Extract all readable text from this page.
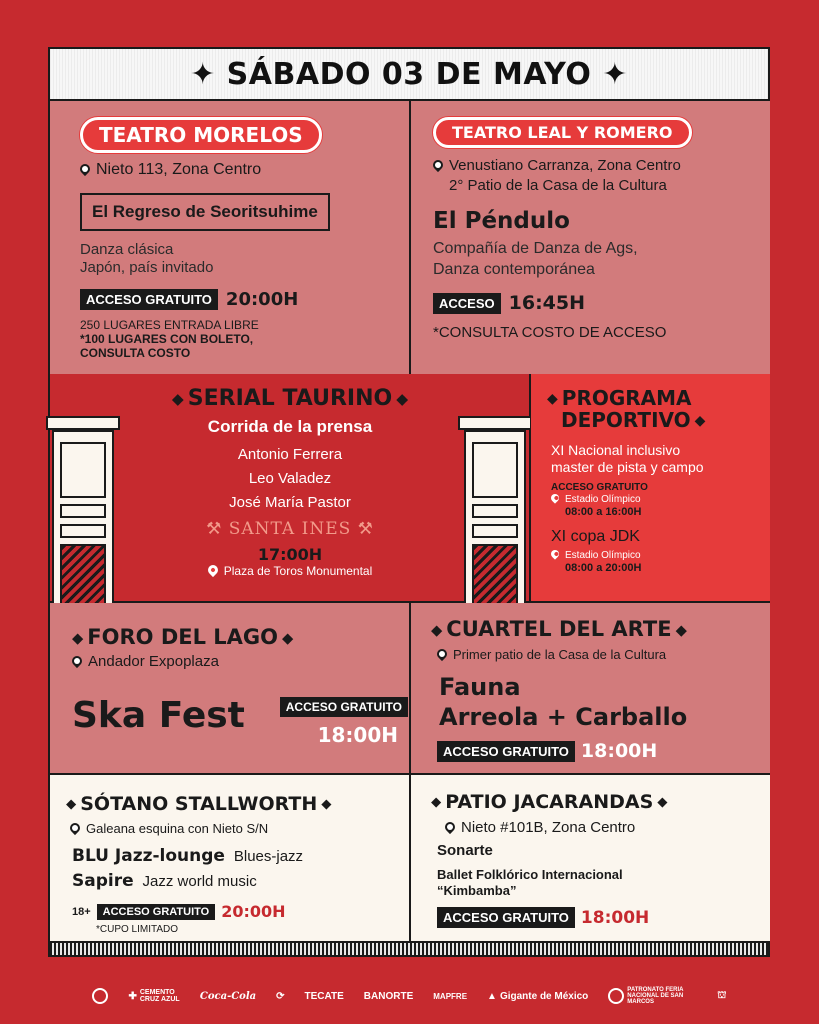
✦ SÁBADO 03 DE MAYO ✦
TEATRO MORELOS
Nieto 113, Zona Centro
El Regreso de Seoritsuhime
Danza clásica
Japón, país invitado
ACCESO GRATUITO 20:00H
250 LUGARES ENTRADA LIBRE
*100 LUGARES CON BOLETO,
CONSULTA COSTO
TEATRO LEAL Y ROMERO
Venustiano Carranza, Zona Centro
2° Patio de la Casa de la Cultura
El Péndulo
Compañía de Danza de Ags,
Danza contemporánea
ACCESO 16:45H
*CONSULTA COSTO DE ACCESO
◆ SERIAL TAURINO ◆
Corrida de la prensa
Antonio Ferrera
Leo Valadez
José María Pastor
⚒ SANTA INES ⚒
17:00H
Plaza de Toros Monumental
◆ PROGRAMA
DEPORTIVO ◆
XI Nacional inclusivo
master de pista y campo
ACCESO GRATUITO
Estadio Olímpico
08:00 a 16:00H
XI copa JDK
Estadio Olímpico
08:00 a 20:00H
◆ FORO DEL LAGO ◆
Andador Expoplaza
Ska Fest	ACCESO GRATUITO
18:00H
◆ CUARTEL DEL ARTE ◆
Primer patio de la Casa de la Cultura
Fauna
Arreola + Carballo
ACCESO GRATUITO 18:00H
◆ SÓTANO STALLWORTH ◆
Galeana esquina con Nieto S/N
BLU Jazz-lounge Blues-jazz
Sapire Jazz world music
18+	ACCESO GRATUITO 20:00H
*CUPO LIMITADO
◆ PATIO JACARANDAS ◆
Nieto #101B, Zona Centro
Sonarte
Ballet Folklórico Internacional
“Kimbamba”
ACCESO GRATUITO 18:00H
✚ CEMENTO CRUZ AZUL Coca-Cola ⟳ TECATE BANORTE	MAPFRE ▲ Gigante de México
PATRONATO FERIA NACIONAL DE SAN MARCOS
⛫
